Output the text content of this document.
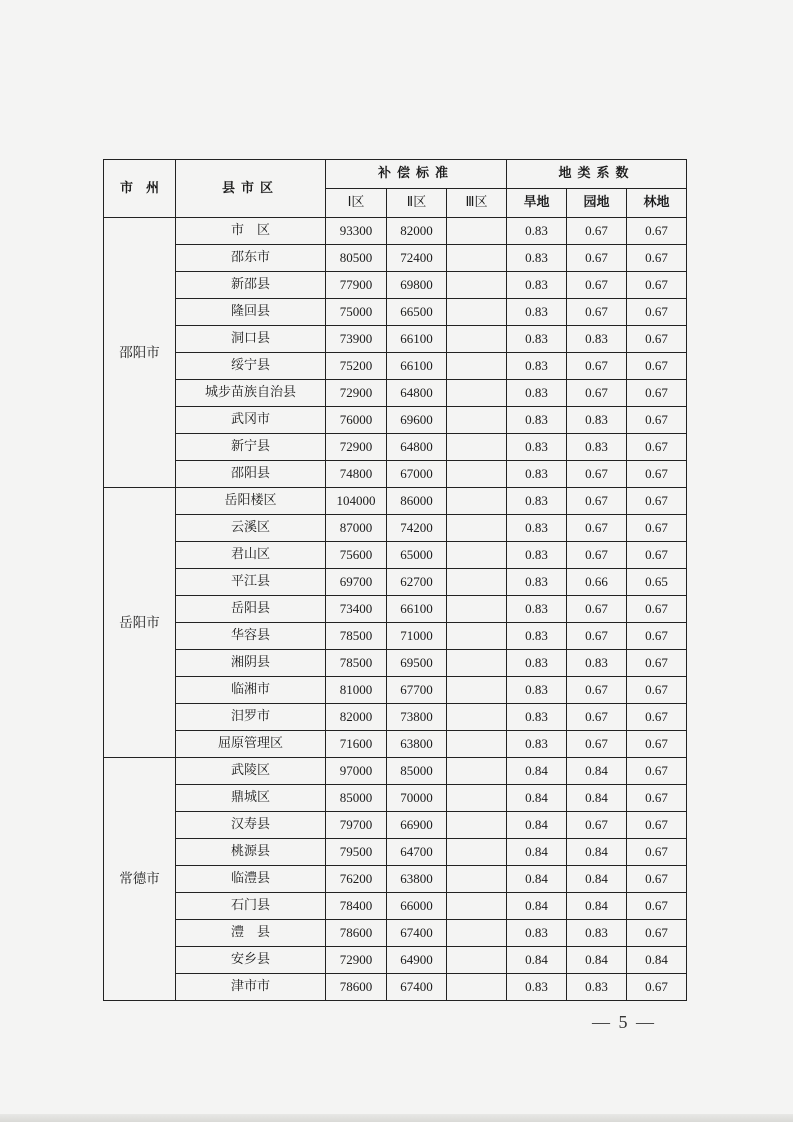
市　州	县市区	补偿标准			地类系数		
		Ⅰ区	Ⅱ区	Ⅲ区	旱地	园地	林地
邵阳市	市　区	93300	82000		0.83	0.67	0.67
	邵东市	80500	72400		0.83	0.67	0.67
	新邵县	77900	69800		0.83	0.67	0.67
	隆回县	75000	66500		0.83	0.67	0.67
	洞口县	73900	66100		0.83	0.83	0.67
	绥宁县	75200	66100		0.83	0.67	0.67
	城步苗族自治县	72900	64800		0.83	0.67	0.67
	武冈市	76000	69600		0.83	0.83	0.67
	新宁县	72900	64800		0.83	0.83	0.67
	邵阳县	74800	67000		0.83	0.67	0.67
岳阳市	岳阳楼区	104000	86000		0.83	0.67	0.67
	云溪区	87000	74200		0.83	0.67	0.67
	君山区	75600	65000		0.83	0.67	0.67
	平江县	69700	62700		0.83	0.66	0.65
	岳阳县	73400	66100		0.83	0.67	0.67
	华容县	78500	71000		0.83	0.67	0.67
	湘阴县	78500	69500		0.83	0.83	0.67
	临湘市	81000	67700		0.83	0.67	0.67
	汨罗市	82000	73800		0.83	0.67	0.67
	屈原管理区	71600	63800		0.83	0.67	0.67
常德市	武陵区	97000	85000		0.84	0.84	0.67
	鼎城区	85000	70000		0.84	0.84	0.67
	汉寿县	79700	66900		0.84	0.67	0.67
	桃源县	79500	64700		0.84	0.84	0.67
	临澧县	76200	63800		0.84	0.84	0.67
	石门县	78400	66000		0.84	0.84	0.67
	澧　县	78600	67400		0.83	0.83	0.67
	安乡县	72900	64900		0.84	0.84	0.84
	津市市	78600	67400		0.83	0.83	0.67
— 5 —
